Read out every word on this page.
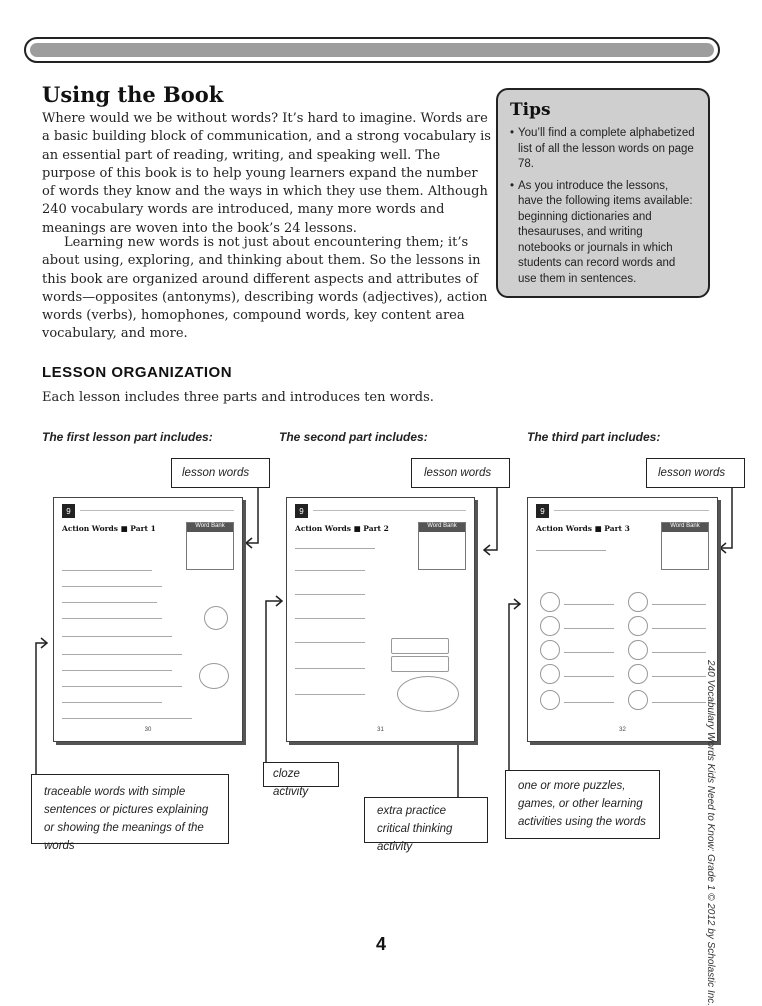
Using the Book

Where would we be without words? It’s hard to imagine. Words are a basic building block of communication, and a strong vocabulary is an essential part of reading, writing, and speaking well. The purpose of this book is to help young learners expand the number of words they know and the ways in which they use them. Although 240 vocabulary words are introduced, many more words and meanings are woven into the book’s 24 lessons.

Learning new words is not just about encountering them; it’s about using, exploring, and thinking about them. So the lessons in this book are organized around different aspects and attributes of words—opposites (antonyms), describing words (adjectives), action words (verbs), homophones, compound words, key content area vocabulary, and more.

Tips

• You’ll find a complete alphabetized list of all the lesson words on page 78.

• As you introduce the lessons, have the following items available: beginning dictionaries and thesauruses, and writing notebooks or journals in which students can record words and use them in sentences.

LESSON ORGANIZATION
Each lesson includes three parts and introduces ten words.
The first lesson part includes:	The second part includes:	The third part includes:
lesson words	lesson words	lesson words
9
Action Words ■ Part 1	Word Bank
30
9
Action Words ■ Part 2	Word Bank
31
9
Action Words ■ Part 3	Word Bank
32
traceable words with simple sentences or pictures explaining or showing the meanings of the words
cloze activity
extra practice critical thinking activity
one or more puzzles, games, or other learning activities using the words	240 Vocabulary Words Kids Need to Know: Grade 1 © 2012 by Scholastic Inc.
4
